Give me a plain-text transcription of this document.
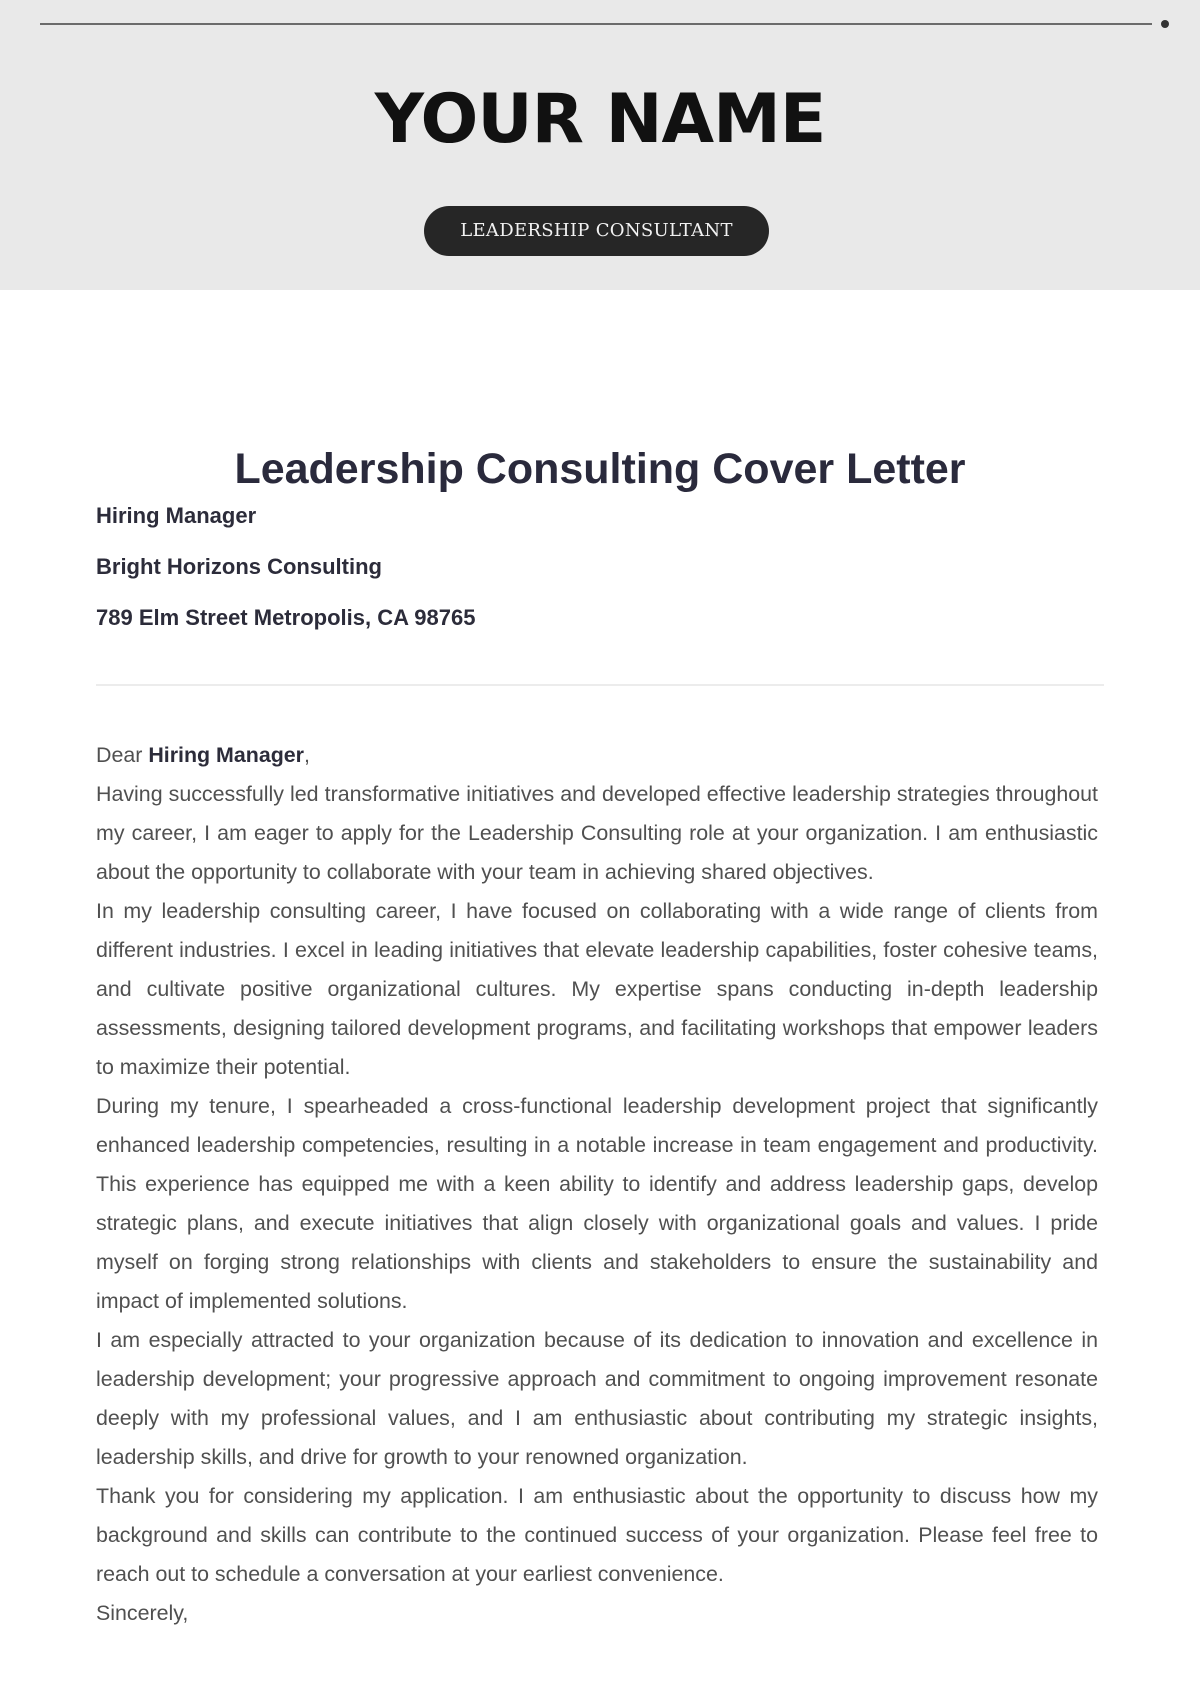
YOUR NAME
LEADERSHIP CONSULTANT
Leadership Consulting Cover Letter
Hiring Manager
Bright Horizons Consulting
789 Elm Street Metropolis, CA 98765

Dear Hiring Manager,

Having successfully led transformative initiatives and developed effective leadership strategies throughout my career, I am eager to apply for the Leadership Consulting role at your organization. I am enthusiastic about the opportunity to collaborate with your team in achieving shared objectives.

In my leadership consulting career, I have focused on collaborating with a wide range of clients from different industries. I excel in leading initiatives that elevate leadership capabilities, foster cohesive teams, and cultivate positive organizational cultures. My expertise spans conducting in-depth leadership assessments, designing tailored development programs, and facilitating workshops that empower leaders to maximize their potential.

During my tenure, I spearheaded a cross-functional leadership development project that significantly enhanced leadership competencies, resulting in a notable increase in team engagement and productivity. This experience has equipped me with a keen ability to identify and address leadership gaps, develop strategic plans, and execute initiatives that align closely with organizational goals and values. I pride myself on forging strong relationships with clients and stakeholders to ensure the sustainability and impact of implemented solutions.

I am especially attracted to your organization because of its dedication to innovation and excellence in leadership development; your progressive approach and commitment to ongoing improvement resonate deeply with my professional values, and I am enthusiastic about contributing my strategic insights, leadership skills, and drive for growth to your renowned organization.

Thank you for considering my application. I am enthusiastic about the opportunity to discuss how my background and skills can contribute to the continued success of your organization. Please feel free to reach out to schedule a conversation at your earliest convenience.

Sincerely,
